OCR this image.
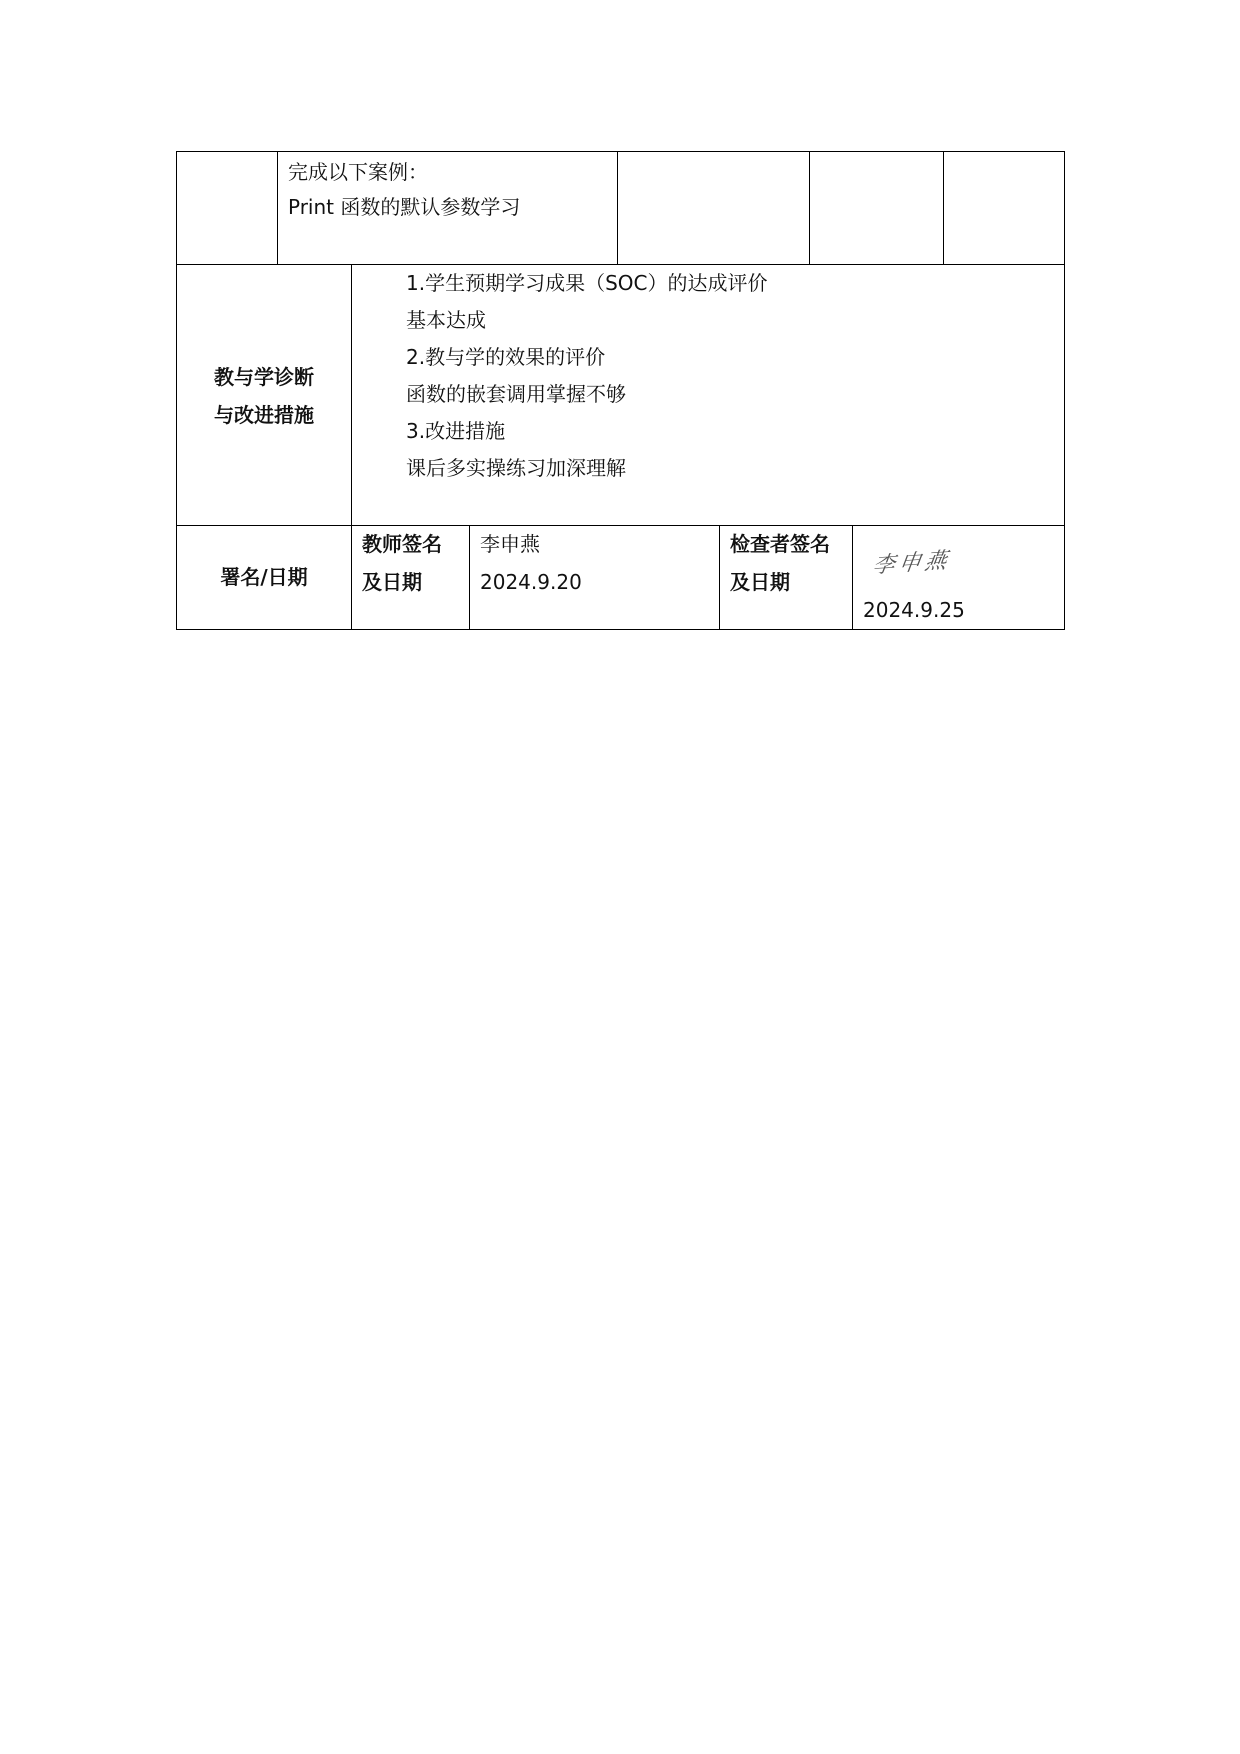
完成以下案例：
Print 函数的默认参数学习
教与学诊断
与改进措施
1.学生预期学习成果（SOC）的达成评价
基本达成
2.教与学的效果的评价
函数的嵌套调用掌握不够
3.改进措施
课后多实操练习加深理解
署名/日期
教师签名
及日期
李申燕
2024.9.20
检查者签名
及日期
李申燕
2024.9.25
